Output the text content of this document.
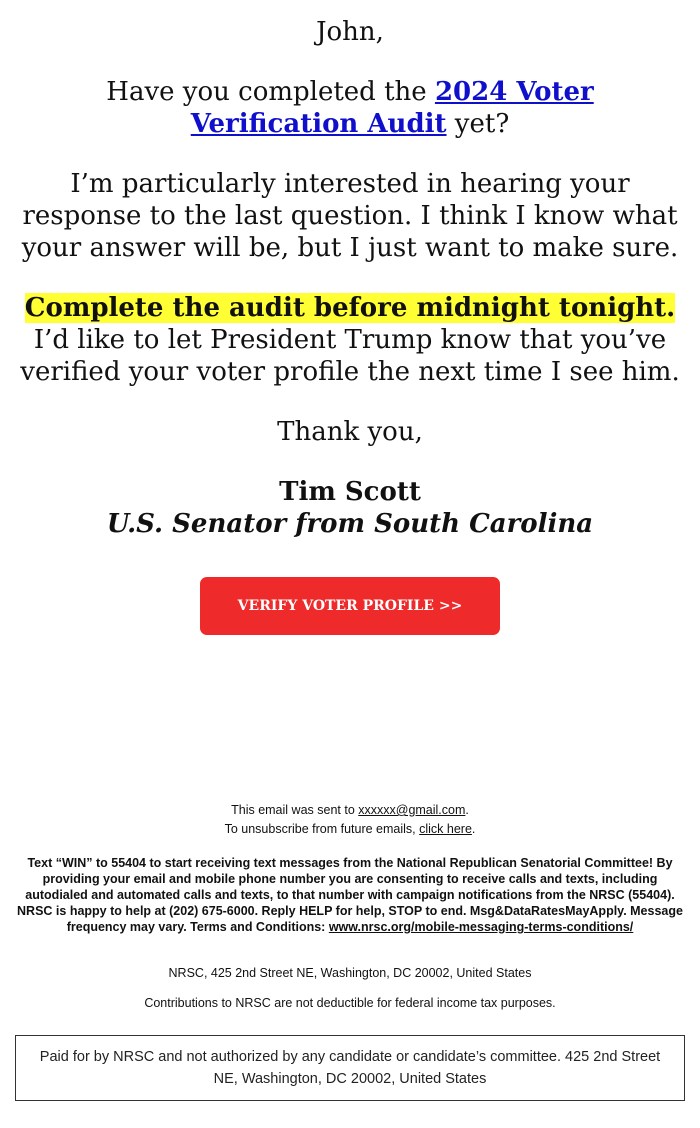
John,
Have you completed the 2024 Voter Verification Audit yet?
I’m particularly interested in hearing your response to the last question. I think I know what your answer will be, but I just want to make sure.
Complete the audit before midnight tonight. I’d like to let President Trump know that you’ve verified your voter profile the next time I see him.
Thank you,
Tim Scott
U.S. Senator from South Carolina
VERIFY VOTER PROFILE >>
This email was sent to xxxxxx@gmail.com.
To unsubscribe from future emails, click here.
Text “WIN” to 55404 to start receiving text messages from the National Republican Senatorial Committee! By providing your email and mobile phone number you are consenting to receive calls and texts, including autodialed and automated calls and texts, to that number with campaign notifications from the NRSC (55404). NRSC is happy to help at (202) 675-6000. Reply HELP for help, STOP to end. Msg&DataRatesMayApply. Message frequency may vary. Terms and Conditions: www.nrsc.org/mobile-messaging-terms-conditions/
NRSC, 425 2nd Street NE, Washington, DC 20002, United States
Contributions to NRSC are not deductible for federal income tax purposes.
Paid for by NRSC and not authorized by any candidate or candidate’s committee. 425 2nd Street NE, Washington, DC 20002, United States
